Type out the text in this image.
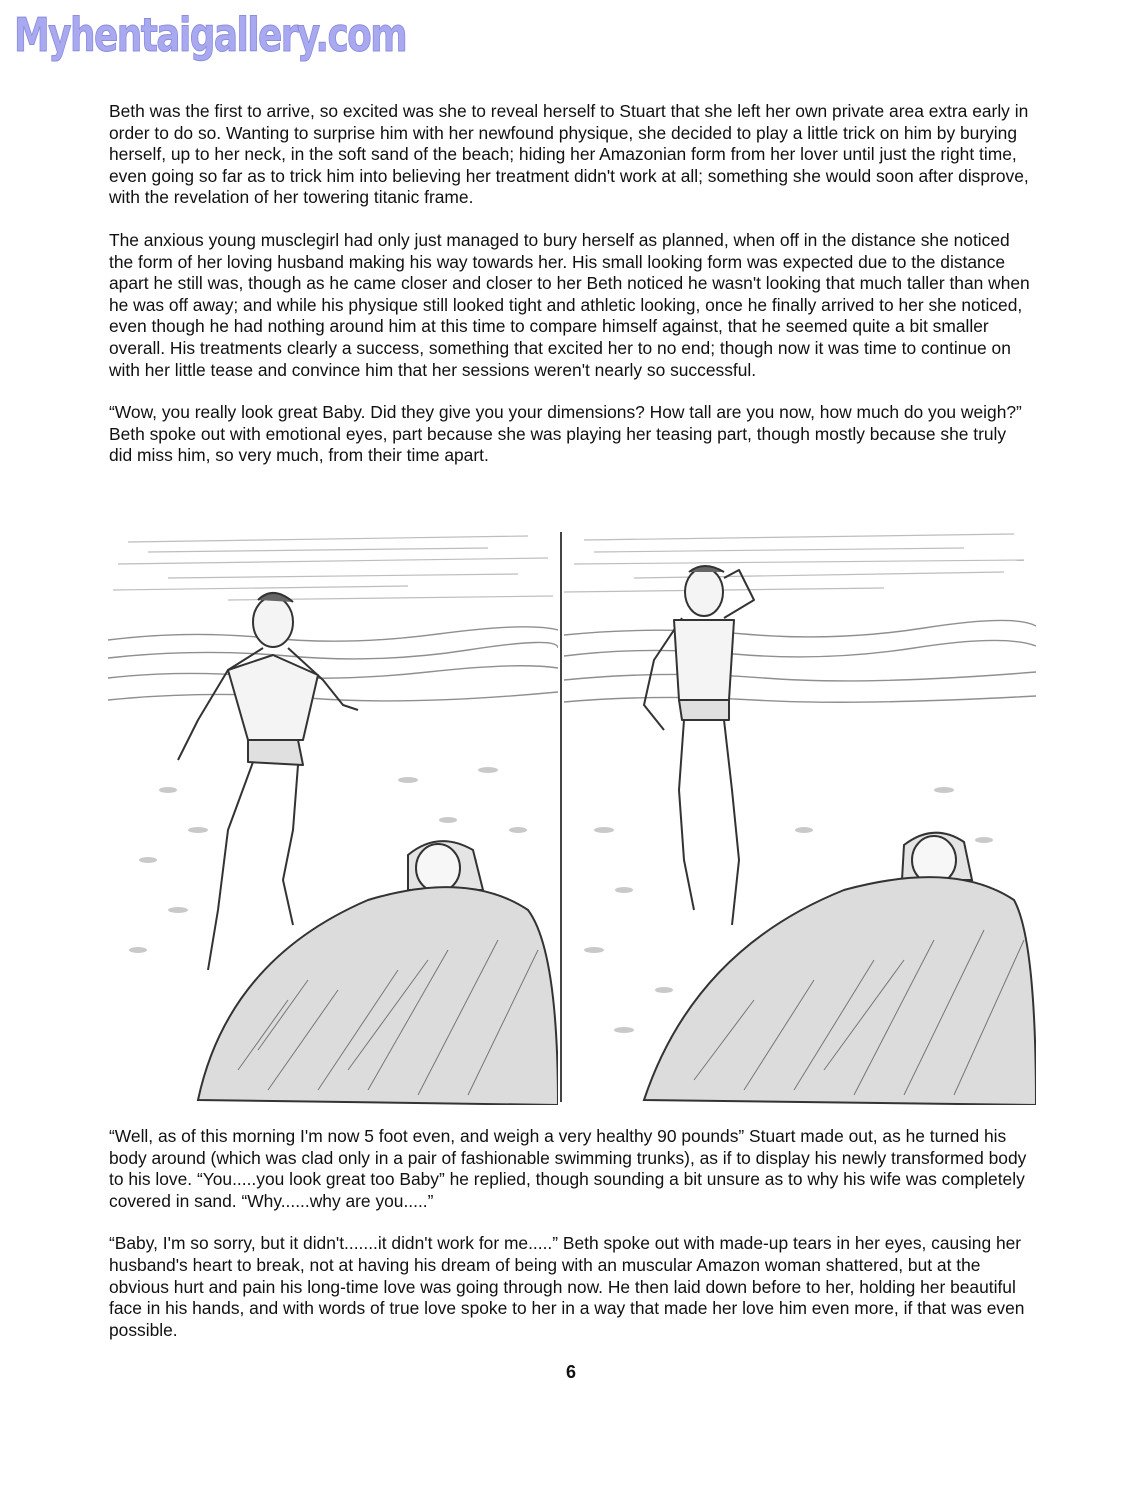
Myhentaigallery.com

Beth was the first to arrive, so excited was she to reveal herself to Stuart that she left her own private area extra early in order to do so. Wanting to surprise him with her newfound physique, she decided to play a little trick on him by burying herself, up to her neck, in the soft sand of the beach; hiding her Amazonian form from her lover until just the right time, even going so far as to trick him into believing her treatment didn't work at all; something she would soon after disprove, with the revelation of her towering titanic frame.

The anxious young musclegirl had only just managed to bury herself as planned, when off in the distance she noticed the form of her loving husband making his way towards her. His small looking form was expected due to the distance apart he still was, though as he came closer and closer to her Beth noticed he wasn't looking that much taller than when he was off away; and while his physique still looked tight and athletic looking, once he finally arrived to her she noticed, even though he had nothing around him at this time to compare himself against, that he seemed quite a bit smaller overall. His treatments clearly a success, something that excited her to no end; though now it was time to continue on with her little tease and convince him that her sessions weren't nearly so successful.

“Wow, you really look great Baby. Did they give you your dimensions? How tall are you now, how much do you weigh?” Beth spoke out with emotional eyes, part because she was playing her teasing part, though mostly because she truly did miss him, so very much, from their time apart.

“Well, as of this morning I'm now 5 foot even, and weigh a very healthy 90 pounds” Stuart made out, as he turned his body around (which was clad only in a pair of fashionable swimming trunks), as if to display his newly transformed body to his love. “You.....you look great too Baby” he replied, though sounding a bit unsure as to why his wife was completely covered in sand. “Why......why are you.....”

“Baby, I'm so sorry, but it didn't.......it didn't work for me.....” Beth spoke out with made-up tears in her eyes, causing her husband's heart to break, not at having his dream of being with an muscular Amazon woman shattered, but at the obvious hurt and pain his long-time love was going through now. He then laid down before to her, holding her beautiful face in his hands, and with words of true love spoke to her in a way that made her love him even more, if that was even possible.

6
